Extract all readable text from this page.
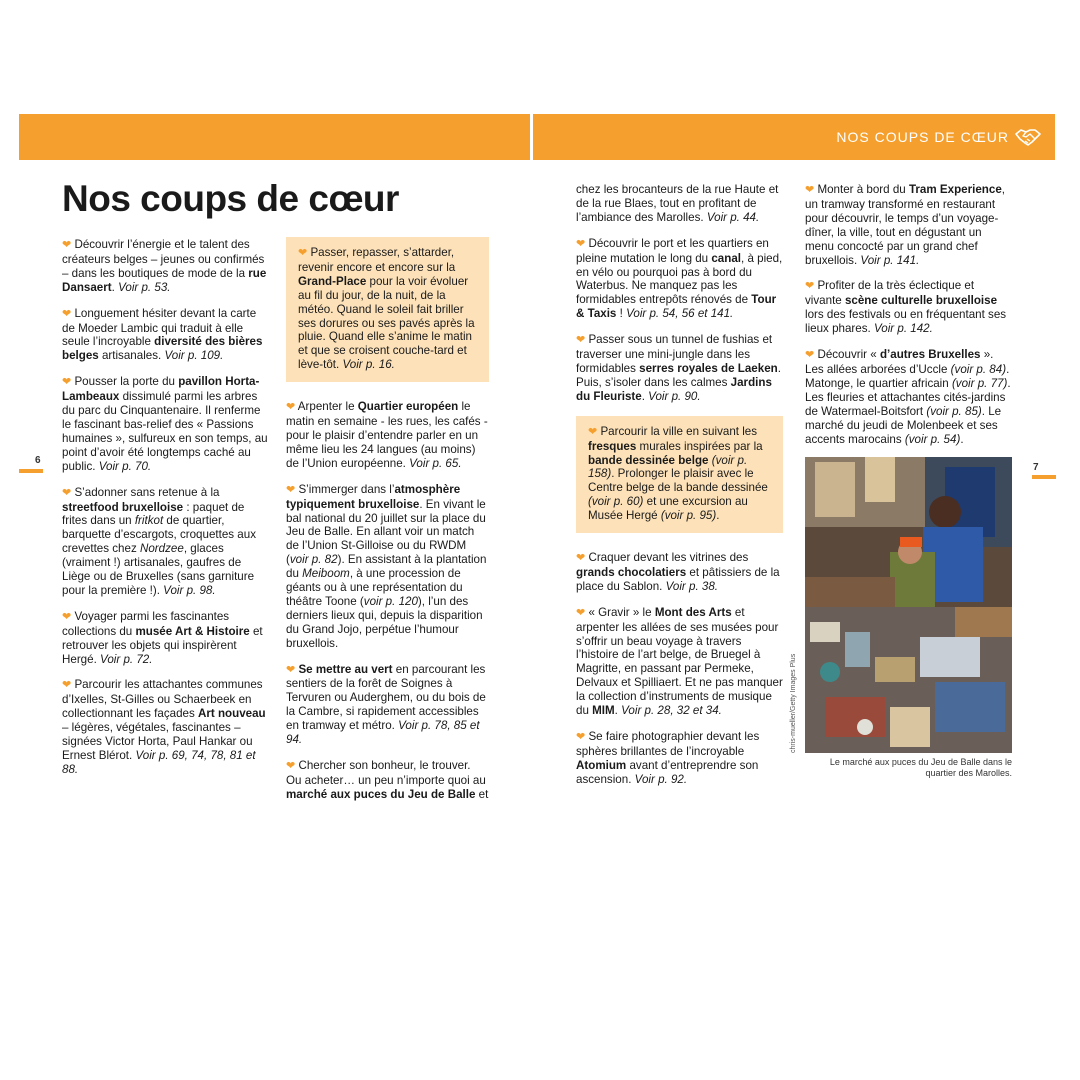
NOS COUPS DE CŒUR
6
7
Nos coups de cœur

❤ Découvrir l’énergie et le talent des créateurs belges – jeunes ou confirmés – dans les boutiques de mode de la rue Dansaert. Voir p. 53.

❤ Longuement hésiter devant la carte de Moeder Lambic qui traduit à elle seule l’incroyable diversité des bières belges artisanales. Voir p. 109.

❤ Pousser la porte du pavillon Horta-Lambeaux dissimulé parmi les arbres du parc du Cinquantenaire. Il renferme le fascinant bas-relief des « Passions humaines », sulfureux en son temps, au point d’avoir été longtemps caché au public. Voir p. 70.

❤ S’adonner sans retenue à la streetfood bruxelloise : paquet de frites dans un fritkot de quartier, barquette d’escargots, croquettes aux crevettes chez Nordzee, glaces (vraiment !) artisanales, gaufres de Liège ou de Bruxelles (sans garniture pour la première !). Voir p. 98.

❤ Voyager parmi les fascinantes collections du musée Art & Histoire et retrouver les objets qui inspirèrent Hergé. Voir p. 72.

❤ Parcourir les attachantes communes d’Ixelles, St-Gilles ou Schaerbeek en collectionnant les façades Art nouveau – légères, végétales, fascinantes – signées Victor Horta, Paul Hankar ou Ernest Blérot. Voir p. 69, 74, 78, 81 et 88.

❤ Passer, repasser, s’attarder, revenir encore et encore sur la Grand-Place pour la voir évoluer au fil du jour, de la nuit, de la météo. Quand le soleil fait briller ses dorures ou ses pavés après la pluie. Quand elle s’anime le matin et que se croisent couche-tard et lève-tôt. Voir p. 16.

❤ Arpenter le Quartier européen le matin en semaine - les rues, les cafés - pour le plaisir d’entendre parler en un même lieu les 24 langues (au moins) de l’Union européenne. Voir p. 65.

❤ S’immerger dans l’atmosphère typiquement bruxelloise. En vivant le bal national du 20 juillet sur la place du Jeu de Balle. En allant voir un match de l’Union St-Gilloise ou du RWDM (voir p. 82). En assistant à la plantation du Meiboom, à une procession de géants ou à une représentation du théâtre Toone (voir p. 120), l’un des derniers lieux qui, depuis la disparition du Grand Jojo, perpétue l’humour bruxellois.

❤ Se mettre au vert en parcourant les sentiers de la forêt de Soignes à Tervuren ou Auderghem, ou du bois de la Cambre, si rapidement accessibles en tramway et métro. Voir p. 78, 85 et 94.

❤ Chercher son bonheur, le trouver. Ou acheter… un peu n’importe quoi au marché aux puces du Jeu de Balle et

chez les brocanteurs de la rue Haute et de la rue Blaes, tout en profitant de l’ambiance des Marolles. Voir p. 44.

❤ Découvrir le port et les quartiers en pleine mutation le long du canal, à pied, en vélo ou pourquoi pas à bord du Waterbus. Ne manquez pas les formidables entrepôts rénovés de Tour & Taxis ! Voir p. 54, 56 et 141.

❤ Passer sous un tunnel de fushias et traverser une mini-jungle dans les formidables serres royales de Laeken. Puis, s’isoler dans les calmes Jardins du Fleuriste. Voir p. 90.

❤ Parcourir la ville en suivant les fresques murales inspirées par la bande dessinée belge (voir p. 158). Prolonger le plaisir avec le Centre belge de la bande dessinée (voir p. 60) et une excursion au Musée Hergé (voir p. 95).

❤ Craquer devant les vitrines des grands chocolatiers et pâtissiers de la place du Sablon. Voir p. 38.

❤ « Gravir » le Mont des Arts et arpenter les allées de ses musées pour s’offrir un beau voyage à travers l’histoire de l’art belge, de Bruegel à Magritte, en passant par Permeke, Delvaux et Spilliaert. Et ne pas manquer la collection d’instruments de musique du MIM. Voir p. 28, 32 et 34.

❤ Se faire photographier devant les sphères brillantes de l’incroyable Atomium avant d’entreprendre son ascension. Voir p. 92.

❤ Monter à bord du Tram Experience, un tramway transformé en restaurant pour découvrir, le temps d’un voyage-dîner, la ville, tout en dégustant un menu concocté par un grand chef bruxellois. Voir p. 141.

❤ Profiter de la très éclectique et vivante scène culturelle bruxelloise lors des festivals ou en fréquentant ses lieux phares. Voir p. 142.

❤ Découvrir « d’autres Bruxelles ». Les allées arborées d’Uccle (voir p. 84). Matonge, le quartier africain (voir p. 77). Les fleuries et attachantes cités-jardins de Watermael-Boitsfort (voir p. 85). Le marché du jeudi de Molenbeek et ses accents marocains (voir p. 54).

chris-mueller/Getty Images Plus
Le marché aux puces du Jeu de Balle dans le quartier des Marolles.
